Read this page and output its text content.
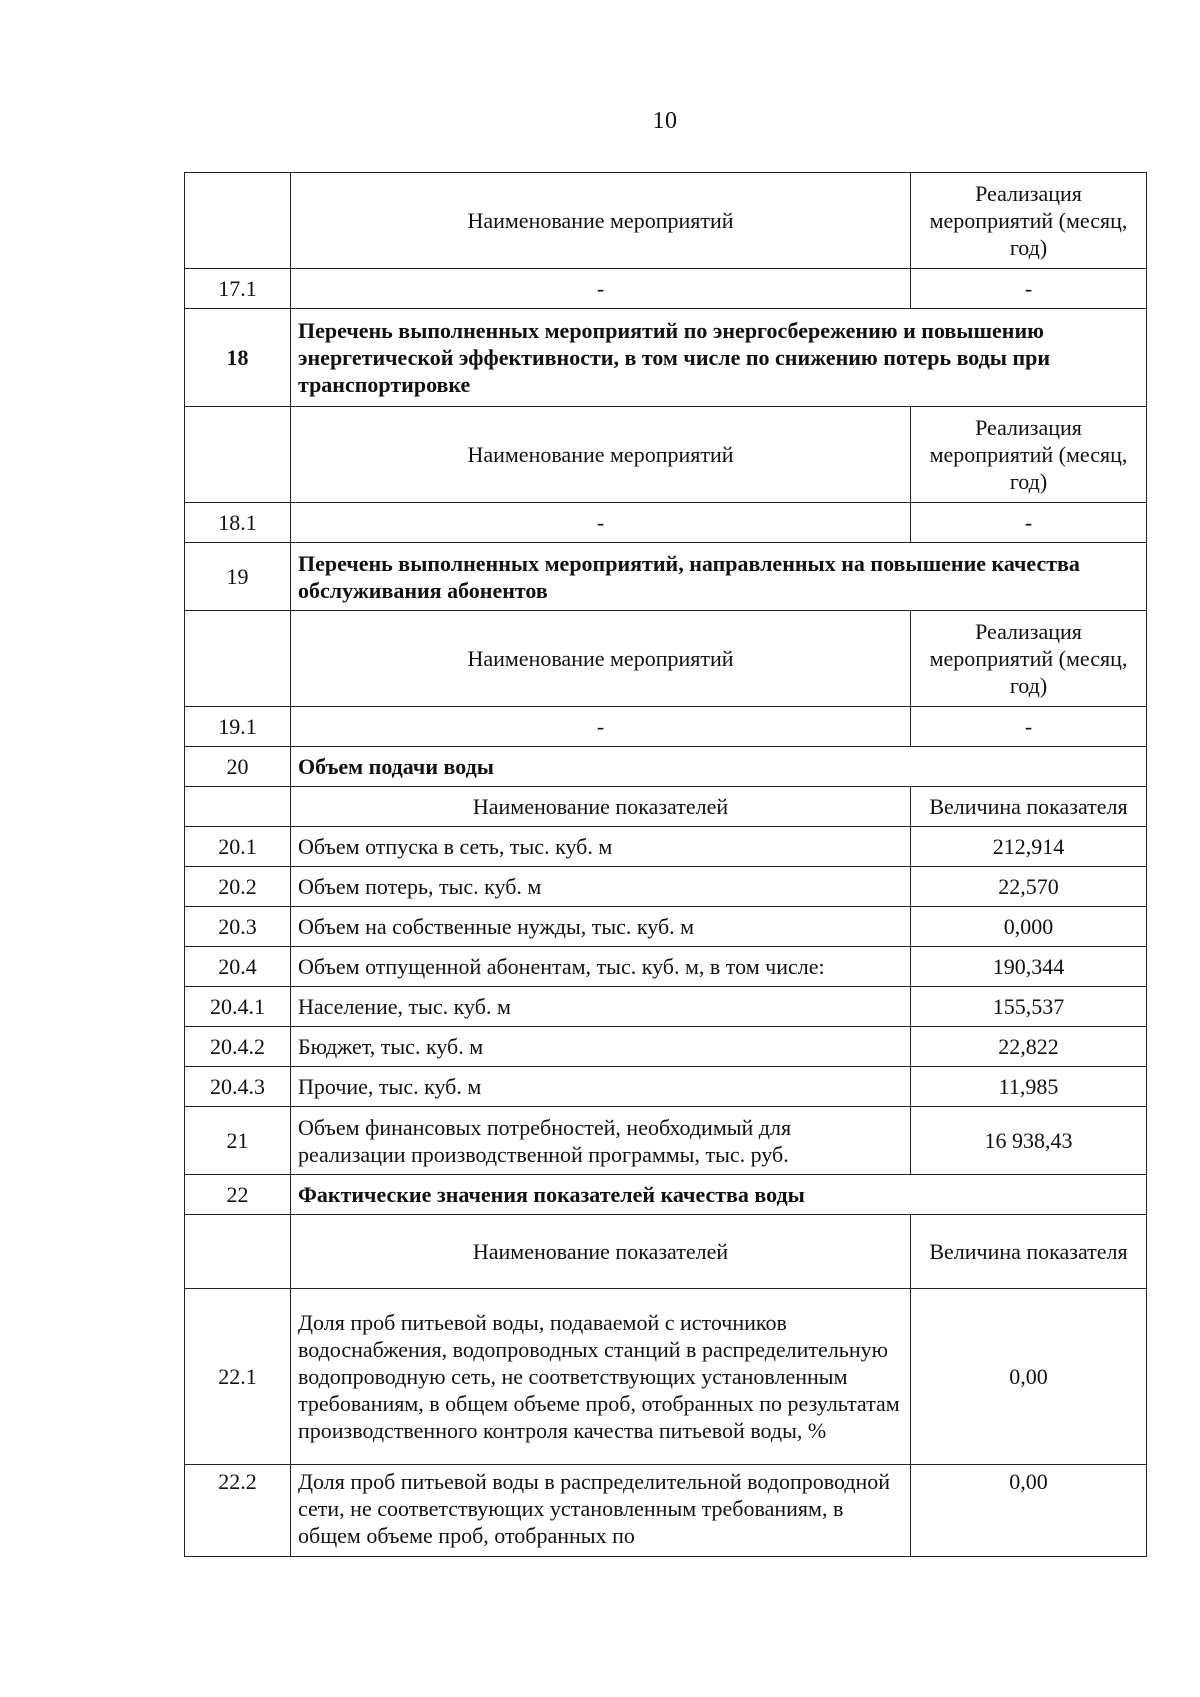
10
	Наименование мероприятий	Реализация мероприятий (месяц, год)
17.1	-	-
18	Перечень выполненных мероприятий по энергосбережению и повышению энергетической эффективности, в том числе по снижению потерь воды при транспортировке	
	Наименование мероприятий	Реализация мероприятий (месяц, год)
18.1	-	-
19	Перечень выполненных мероприятий, направленных на повышение качества обслуживания абонентов	
	Наименование мероприятий	Реализация мероприятий (месяц, год)
19.1	-	-
20	Объем подачи воды	
	Наименование показателей	Величина показателя
20.1	Объем отпуска в сеть, тыс. куб. м	212,914
20.2	Объем потерь, тыс. куб. м	22,570
20.3	Объем на собственные нужды, тыс. куб. м	0,000
20.4	Объем отпущенной абонентам, тыс. куб. м, в том числе:	190,344
20.4.1	Население, тыс. куб. м	155,537
20.4.2	Бюджет, тыс. куб. м	22,822
20.4.3	Прочие, тыс. куб. м	11,985
21	Объем финансовых потребностей, необходимый для реализации производственной программы, тыс. руб.	16 938,43
22	Фактические значения показателей качества воды	
	Наименование показателей	Величина показателя
22.1	Доля проб питьевой воды, подаваемой с источников водоснабжения, водопроводных станций в распределительную водопроводную сеть, не соответствующих установленным требованиям, в общем объеме проб, отобранных по результатам производственного контроля качества питьевой воды, %	0,00
22.2	Доля проб питьевой воды в распределительной водопроводной сети, не соответствующих установленным требованиям, в общем объеме проб, отобранных по	0,00
